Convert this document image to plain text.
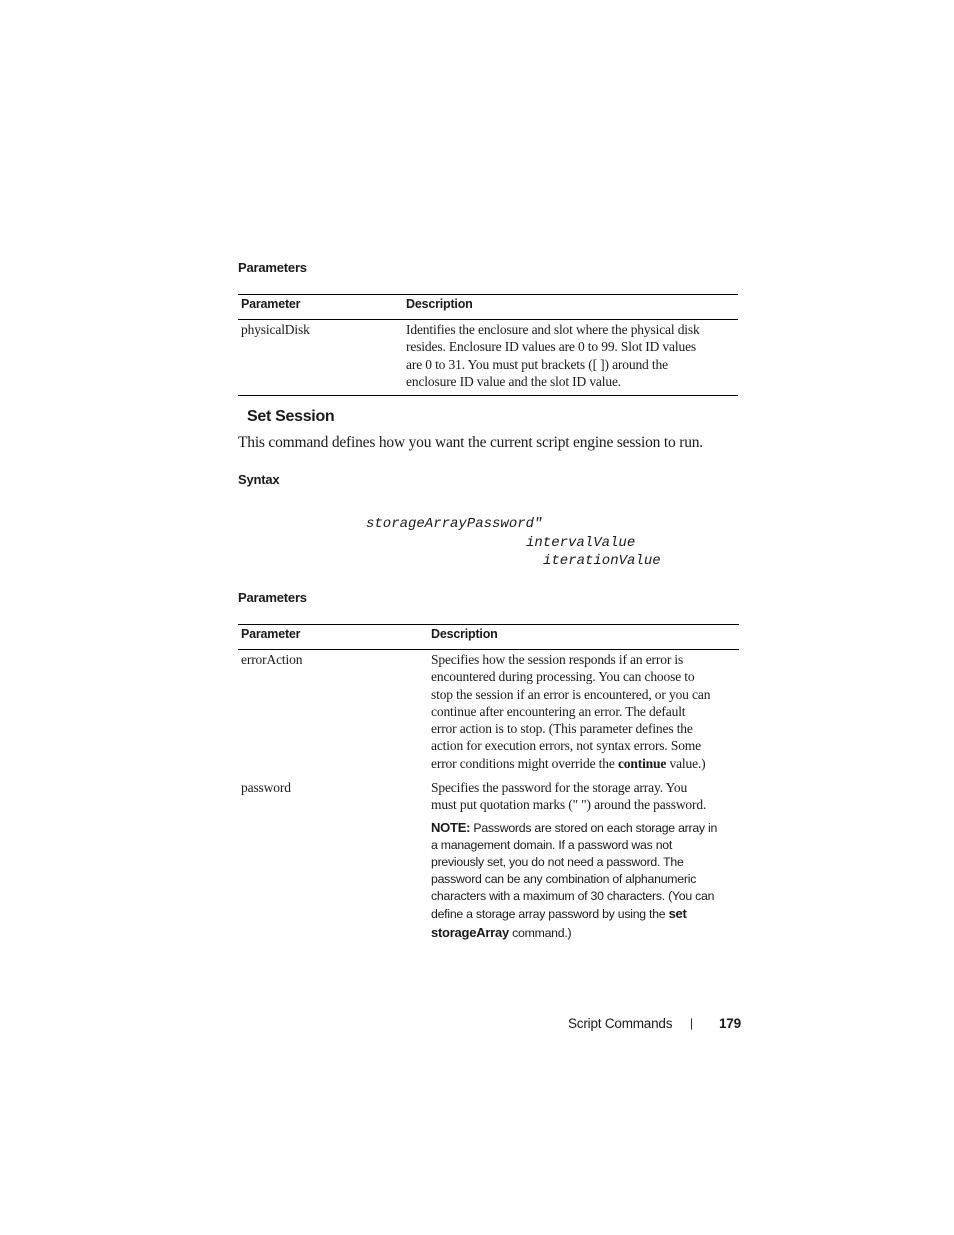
Parameters
Parameter	Description
physicalDisk	Identifies the enclosure and slot where the physical disk
resides. Enclosure ID values are 0 to 99. Slot ID values
are 0 to 31. You must put brackets ([ ]) around the
enclosure ID value and the slot ID value.
Set Session
This command defines how you want the current script engine session to run.
Syntax
storageArrayPassword"
intervalValue
iterationValue
Parameters
Parameter	Description
errorAction	Specifies how the session responds if an error is
encountered during processing. You can choose to
stop the session if an error is encountered, or you can
continue after encountering an error. The default
error action is to stop. (This parameter defines the
action for execution errors, not syntax errors. Some
error conditions might override the continue value.)
password	Specifies the password for the storage array. You
must put quotation marks (" ") around the password.
NOTE: Passwords are stored on each storage array in
a management domain. If a password was not
previously set, you do not need a password. The
password can be any combination of alphanumeric
characters with a maximum of 30 characters. (You can
define a storage array password by using the set
storageArray command.)
Script Commands | 179
